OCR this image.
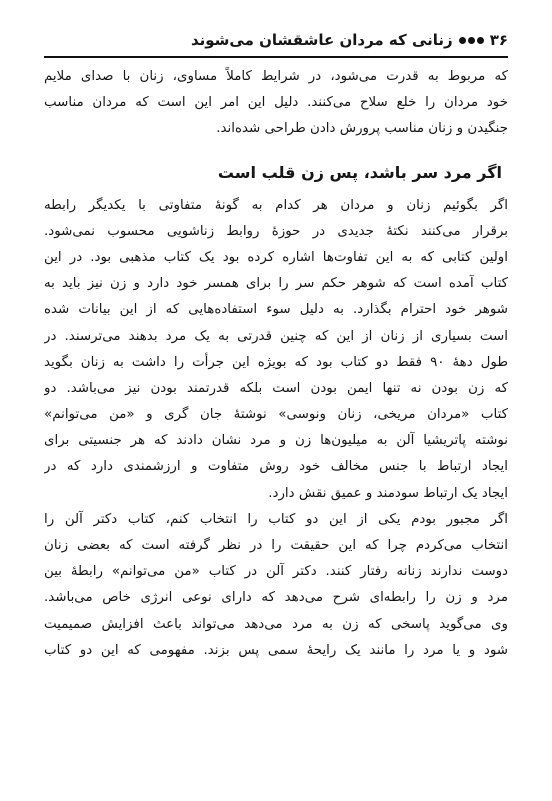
۳۶
زنانی که مردان عاشقشان می‌شوند
که مربوط به قدرت می‌شود، در شرایط کاملاً مساوی، زنان با صدای ملایم
خود مردان را خلع سلاح می‌کنند. دلیل این امر این است که مردان مناسب
جنگیدن و زنان مناسب پرورش دادن طراحی شده‌اند.
اگر مرد سر باشد، پس زن قلب است
اگر بگوئیم زنان و مردان هر کدام به گونهٔ متفاوتی با یکدیگر رابطه
برقرار می‌کنند نکتهٔ جدیدی در حوزهٔ روابط زناشویی محسوب نمی‌شود.
اولین کتابی که به این تفاوت‌ها اشاره کرده بود یک کتاب مذهبی بود. در این
کتاب آمده است که شوهر حکم سر را برای همسر خود دارد و زن نیز باید به
شوهر خود احترام بگذارد. به دلیل سوء استفاده‌هایی که از این بیانات شده
است بسیاری از زنان از این که چنین قدرتی به یک مرد بدهند می‌ترسند. در
طول دههٔ ۹۰ فقط دو کتاب بود که بویژه این جرأت را داشت به زنان بگوید
که زن بودن نه تنها ایمن بودن است بلکه قدرتمند بودن نیز می‌باشد. دو
کتاب «مردان مریخی، زنان ونوسی» نوشتهٔ جان گری و «من می‌توانم»
نوشته پاتریشیا آلن به میلیون‌ها زن و مرد نشان دادند که هر جنسیتی برای
ایجاد ارتباط با جنس مخالف خود روش متفاوت و ارزشمندی دارد که در
ایجاد یک ارتباط سودمند و عمیق نقش دارد.
اگر مجبور بودم یکی از این دو کتاب را انتخاب کنم، کتاب دکتر آلن را
انتخاب می‌کردم چرا که این حقیقت را در نظر گرفته است که بعضی زنان
دوست ندارند زنانه رفتار کنند. دکتر آلن در کتاب «من می‌توانم» رابطهٔ بین
مرد و زن را رابطه‌ای شرح می‌دهد که دارای نوعی انرژی خاص می‌باشد.
وی می‌گوید پاسخی که زن به مرد می‌دهد می‌تواند باعث افزایش صمیمیت
شود و یا مرد را مانند یک رایحهٔ سمی پس بزند. مفهومی که این دو کتاب
